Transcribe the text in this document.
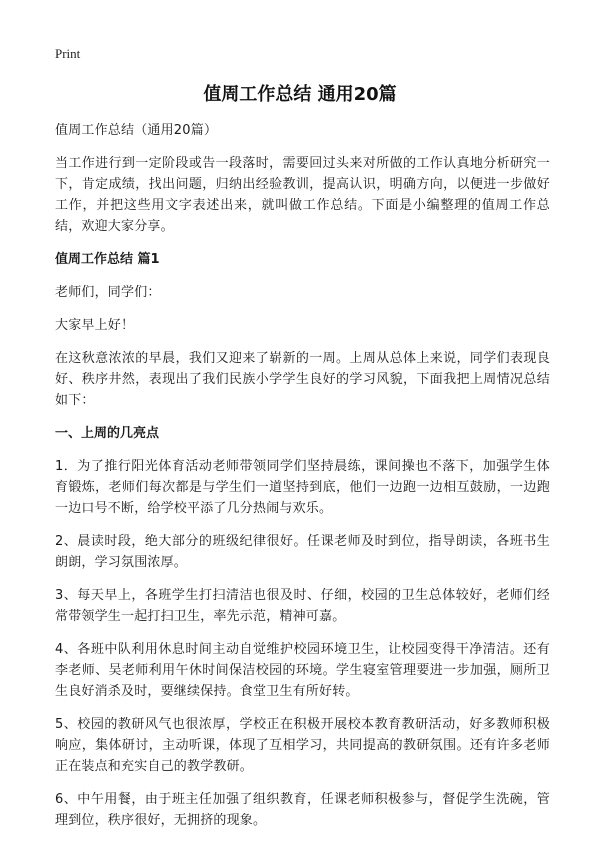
Print
值周工作总结 通用20篇

值周工作总结（通用20篇）

当工作进行到一定阶段或告一段落时，需要回过头来对所做的工作认真地分析研究一下，肯定成绩，找出问题，归纳出经验教训，提高认识，明确方向，以便进一步做好工作，并把这些用文字表述出来，就叫做工作总结。下面是小编整理的值周工作总结，欢迎大家分享。

值周工作总结 篇1

老师们，同学们：

大家早上好！

在这秋意浓浓的早晨，我们又迎来了崭新的一周。上周从总体上来说，同学们表现良好、秩序井然，表现出了我们民族小学学生良好的学习风貌，下面我把上周情况总结如下：

一、上周的几亮点

1．为了推行阳光体育活动老师带领同学们坚持晨练，课间操也不落下，加强学生体育锻炼，老师们每次都是与学生们一道坚持到底，他们一边跑一边相互鼓励，一边跑一边口号不断，给学校平添了几分热闹与欢乐。

2、晨读时段，绝大部分的班级纪律很好。任课老师及时到位，指导朗读，各班书生朗朗，学习氛围浓厚。

3、每天早上，各班学生打扫清洁也很及时、仔细，校园的卫生总体较好，老师们经常带领学生一起打扫卫生，率先示范，精神可嘉。

4、各班中队利用休息时间主动自觉维护校园环境卫生，让校园变得干净清洁。还有李老师、吴老师利用午休时间保洁校园的环境。学生寝室管理要进一步加强，厕所卫生良好消杀及时，要继续保持。食堂卫生有所好转。

5、校园的教研风气也很浓厚，学校正在积极开展校本教育教研活动，好多教师积极响应，集体研讨，主动听课，体现了互相学习，共同提高的教研氛围。还有许多老师正在装点和充实自己的教学教研。

6、中午用餐，由于班主任加强了组织教育，任课老师积极参与，督促学生洗碗，管理到位，秩序很好，无拥挤的现象。
